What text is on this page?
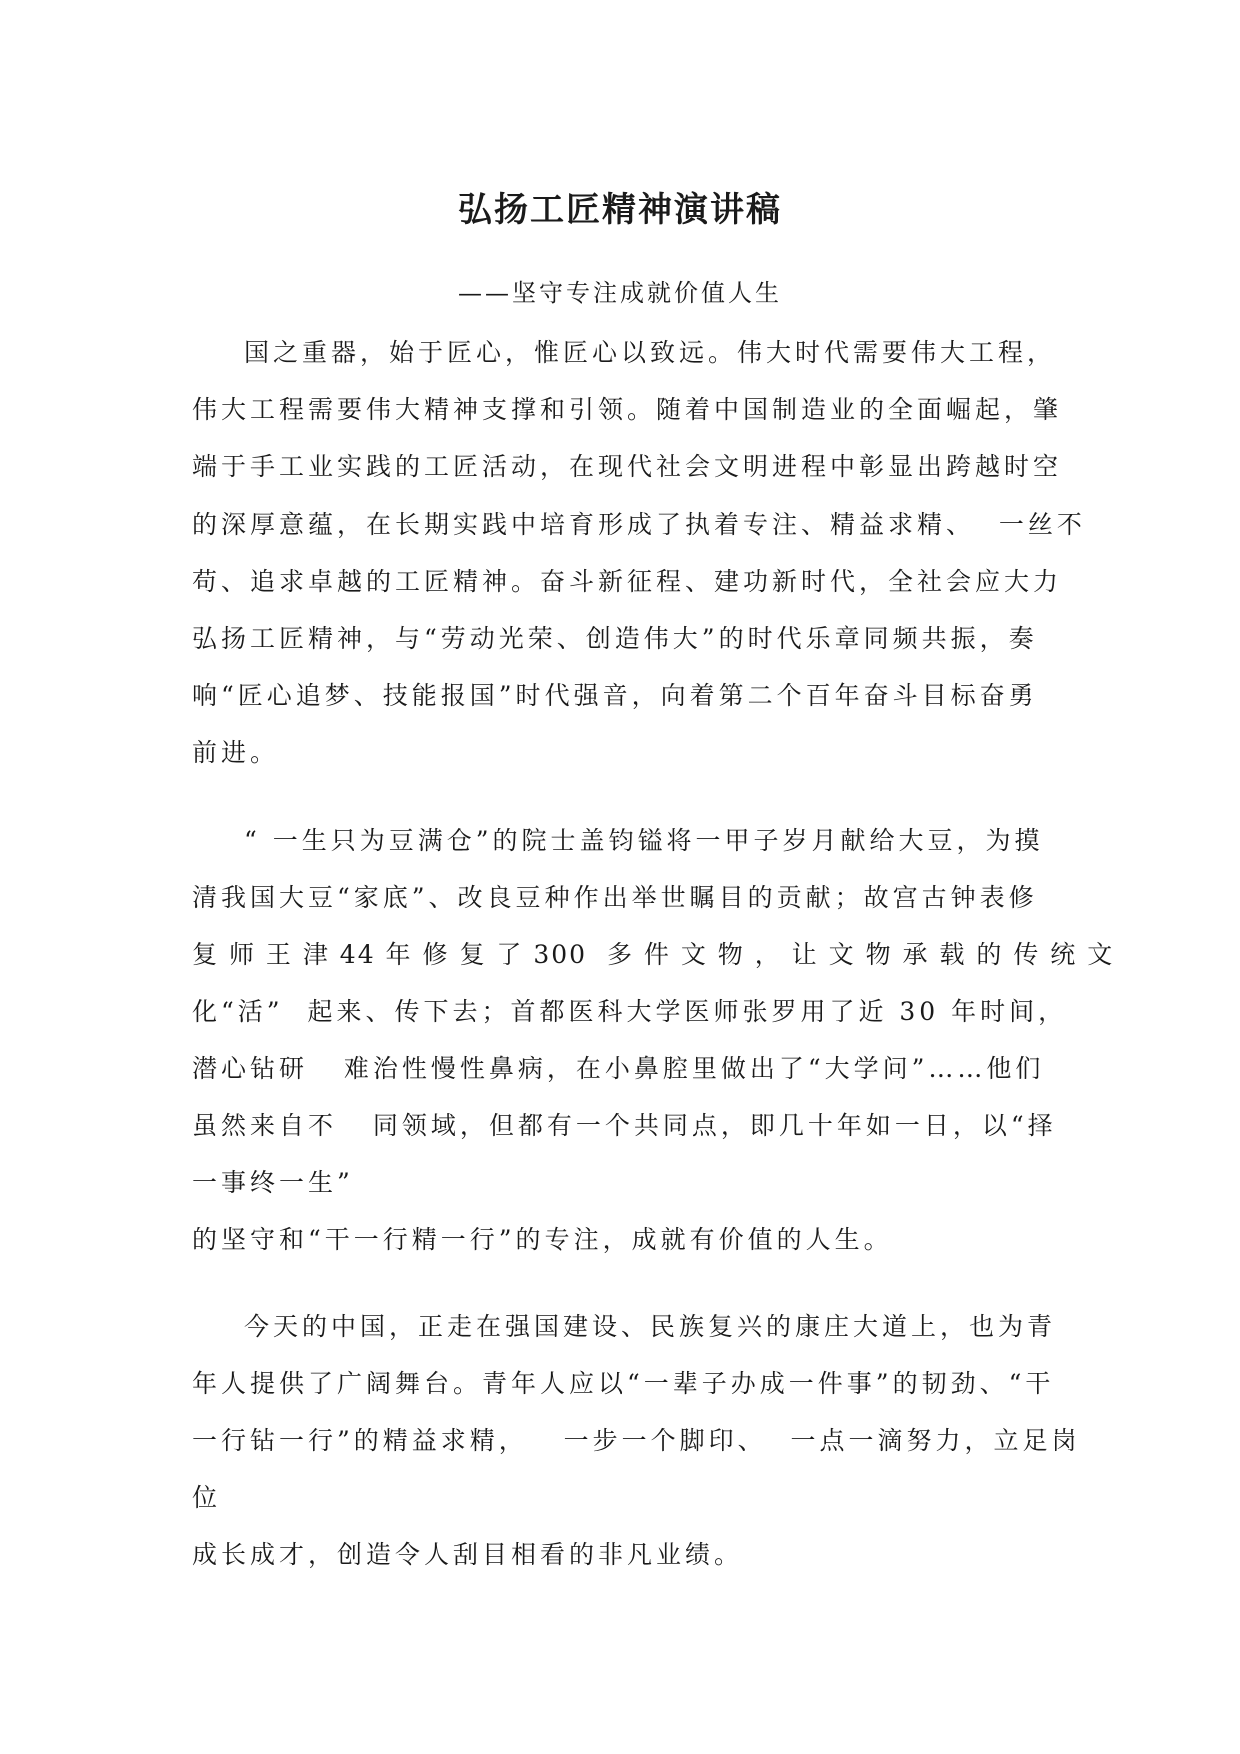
弘扬工匠精神演讲稿
——坚守专注成就价值人生
国之重器，始于匠心，惟匠心以致远。伟大时代需要伟大工程，
伟大工程需要伟大精神支撑和引领。随着中国制造业的全面崛起，肇
端于手工业实践的工匠活动，在现代社会文明进程中彰显出跨越时空
的深厚意蕴，在长期实践中培育形成了执着专注、精益求精、  一丝不
苟、追求卓越的工匠精神。奋斗新征程、建功新时代，全社会应大力
弘扬工匠精神，与“劳动光荣、创造伟大”的时代乐章同频共振，奏
响“匠心追梦、技能报国”时代强音，向着第二个百年奋斗目标奋勇
前进。
“ 一生只为豆满仓”的院士盖钧镒将一甲子岁月献给大豆，为摸
清我国大豆“家底”、改良豆种作出举世瞩目的贡献；故宫古钟表修
复 师 王 津 44 年 修 复 了 300  多 件 文 物 ， 让 文 物 承 载 的 传 统 文
化“活”  起来、传下去；首都医科大学医师张罗用了近 30 年时间，
潜心钻研   难治性慢性鼻病，在小鼻腔里做出了“大学问”……他们
虽然来自不   同领域，但都有一个共同点，即几十年如一日，以“择
一事终一生”
的坚守和“干一行精一行”的专注，成就有价值的人生。
今天的中国，正走在强国建设、民族复兴的康庄大道上，也为青
年人提供了广阔舞台。青年人应以“一辈子办成一件事”的韧劲、“干
一行钻一行”的精益求精，   一步一个脚印、  一点一滴努力，立足岗
位
成长成才，创造令人刮目相看的非凡业绩。
